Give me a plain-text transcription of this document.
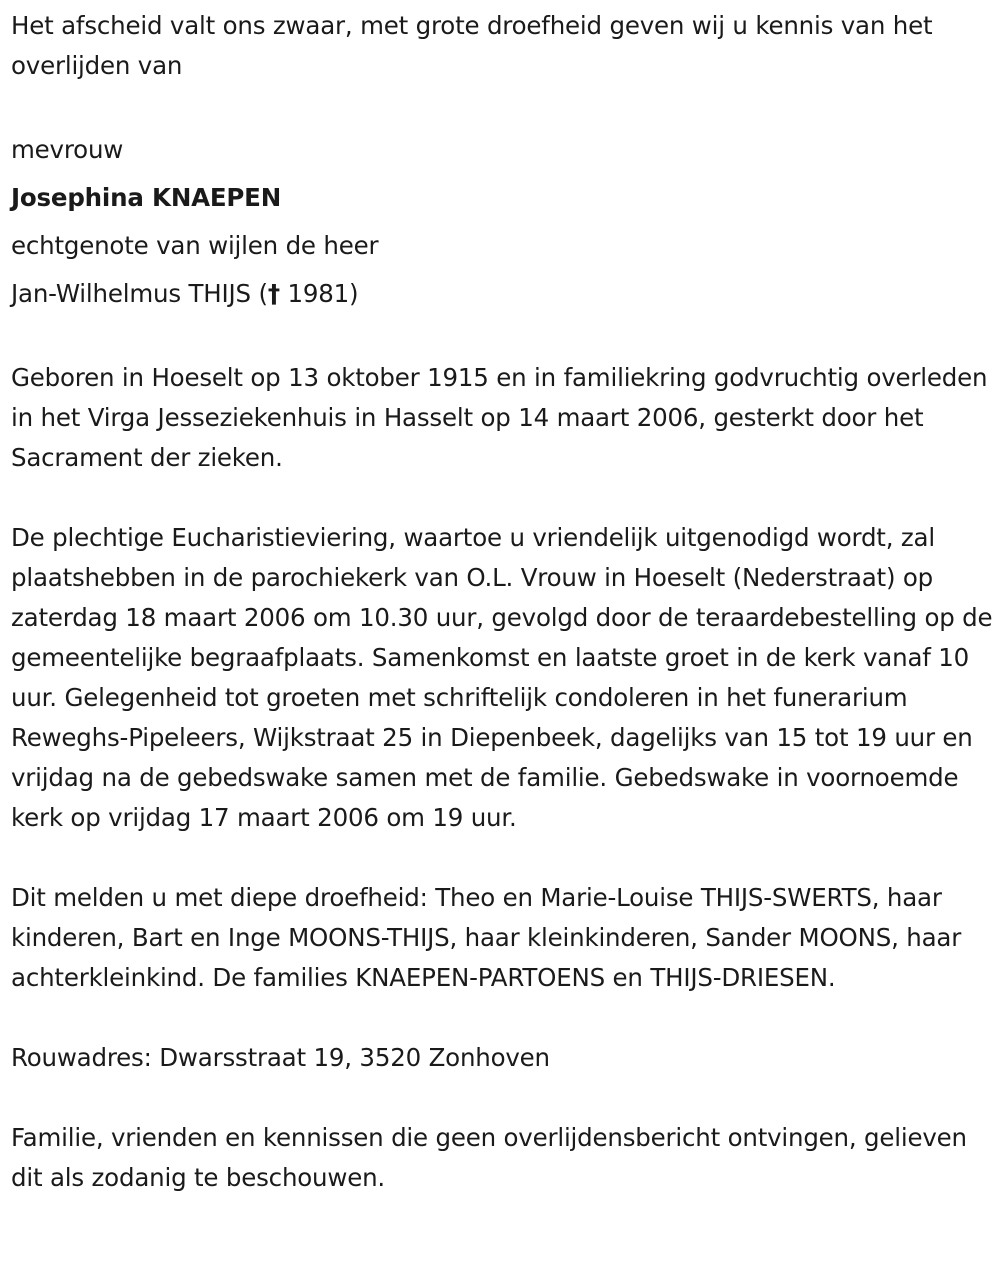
Het afscheid valt ons zwaar, met grote droefheid geven wij u kennis van het overlijden van

mevrouw

Josephina KNAEPEN

echtgenote van wijlen de heer

Jan-Wilhelmus THIJS († 1981)

Geboren in Hoeselt op 13 oktober 1915 en in familiekring godvruchtig overleden in het Virga Jesseziekenhuis in Hasselt op 14 maart 2006, gesterkt door het Sacrament der zieken.

De plechtige Eucharistieviering, waartoe u vriendelijk uitgenodigd wordt, zal plaatshebben in de parochiekerk van O.L. Vrouw in Hoeselt (Nederstraat) op zaterdag 18 maart 2006 om 10.30 uur, gevolgd door de teraardebestelling op de gemeentelijke begraafplaats. Samenkomst en laatste groet in de kerk vanaf 10 uur. Gelegenheid tot groeten met schriftelijk condoleren in het funerarium Reweghs-Pipeleers, Wijkstraat 25 in Diepenbeek, dagelijks van 15 tot 19 uur en vrijdag na de gebedswake samen met de familie. Gebedswake in voornoemde kerk op vrijdag 17 maart 2006 om 19 uur.

Dit melden u met diepe droefheid: Theo en Marie-Louise THIJS-SWERTS, haar kinderen, Bart en Inge MOONS-THIJS, haar kleinkinderen, Sander MOONS, haar achterkleinkind. De families KNAEPEN-PARTOENS en THIJS-DRIESEN.

Rouwadres: Dwarsstraat 19, 3520 Zonhoven

Familie, vrienden en kennissen die geen overlijdensbericht ontvingen, gelieven dit als zodanig te beschouwen.
